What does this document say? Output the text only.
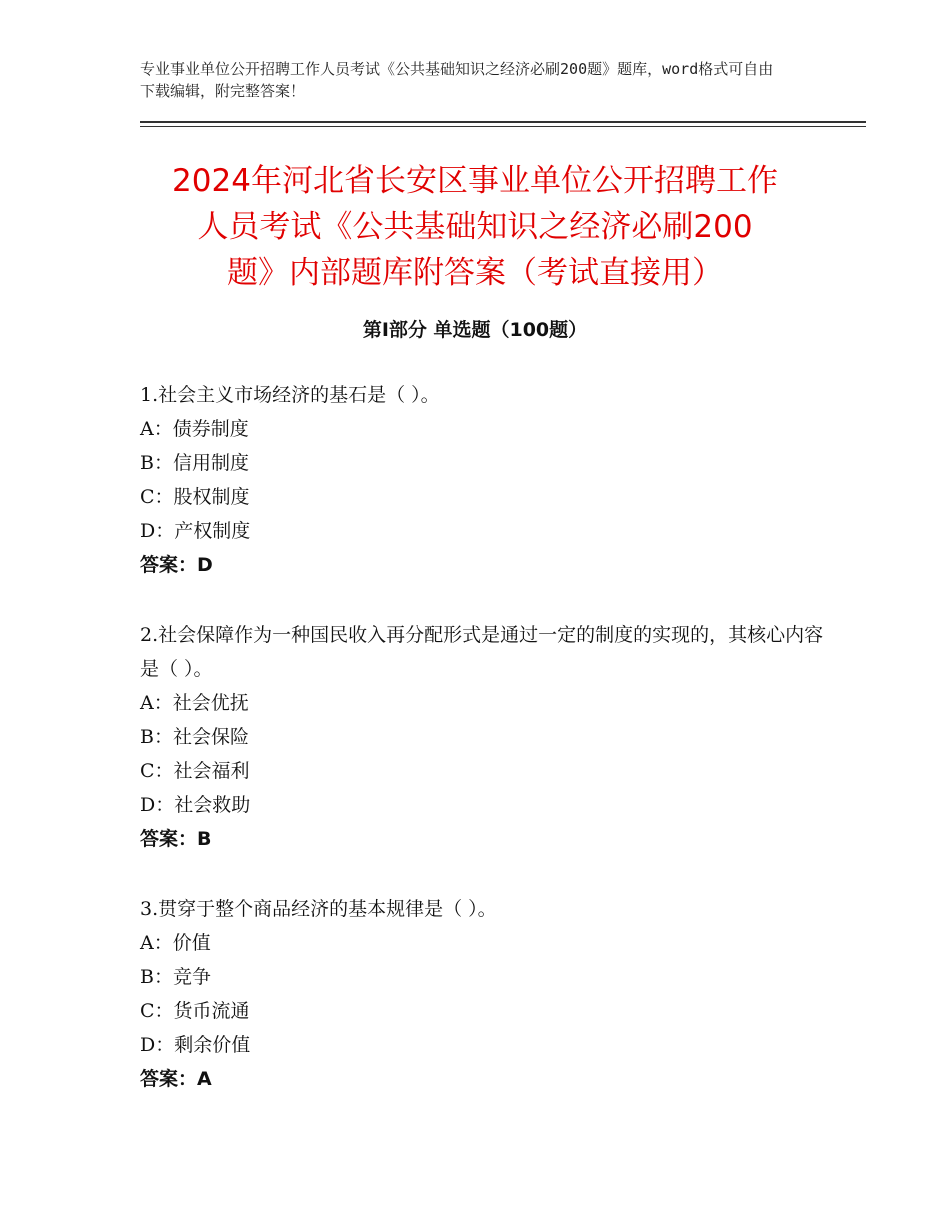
专业事业单位公开招聘工作人员考试《公共基础知识之经济必刷200题》题库，word格式可自由下载编辑，附完整答案！
2024年河北省长安区事业单位公开招聘工作
人员考试《公共基础知识之经济必刷200
题》内部题库附答案（考试直接用）
第Ⅰ部分 单选题（100题）
1.社会主义市场经济的基石是（ ）。
A：债券制度
B：信用制度
C：股权制度
D：产权制度
答案：D
2.社会保障作为一种国民收入再分配形式是通过一定的制度的实现的，其核心内容是（ ）。
A：社会优抚
B：社会保险
C：社会福利
D：社会救助
答案：B
3.贯穿于整个商品经济的基本规律是（ ）。
A：价值
B：竞争
C：货币流通
D：剩余价值
答案：A
